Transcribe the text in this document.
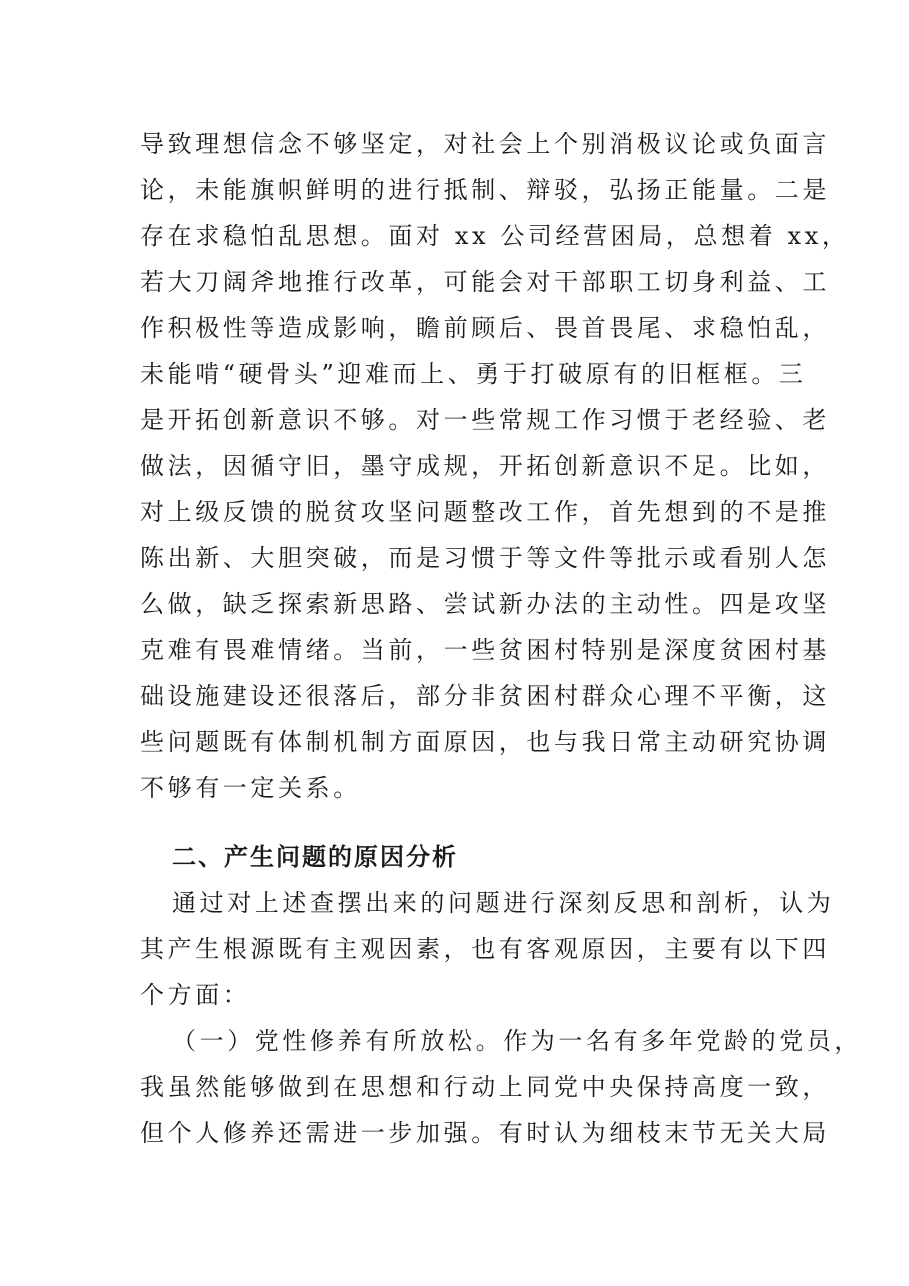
导致理想信念不够坚定，对社会上个别消极议论或负面言
论，未能旗帜鲜明的进行抵制、辩驳，弘扬正能量。二是
存在求稳怕乱思想。面对 xx 公司经营困局，总想着 xx，
若大刀阔斧地推行改革，可能会对干部职工切身利益、工
作积极性等造成影响，瞻前顾后、畏首畏尾、求稳怕乱，
未能啃“硬骨头”迎难而上、勇于打破原有的旧框框。三
是开拓创新意识不够。对一些常规工作习惯于老经验、老
做法，因循守旧，墨守成规，开拓创新意识不足。比如，
对上级反馈的脱贫攻坚问题整改工作，首先想到的不是推
陈出新、大胆突破，而是习惯于等文件等批示或看别人怎
么做，缺乏探索新思路、尝试新办法的主动性。四是攻坚
克难有畏难情绪。当前，一些贫困村特别是深度贫困村基
础设施建设还很落后，部分非贫困村群众心理不平衡，这
些问题既有体制机制方面原因，也与我日常主动研究协调
不够有一定关系。
二、产生问题的原因分析
通过对上述查摆出来的问题进行深刻反思和剖析，认为
其产生根源既有主观因素，也有客观原因，主要有以下四
个方面：
（一）党性修养有所放松。作为一名有多年党龄的党员，
我虽然能够做到在思想和行动上同党中央保持高度一致，
但个人修养还需进一步加强。有时认为细枝末节无关大局
